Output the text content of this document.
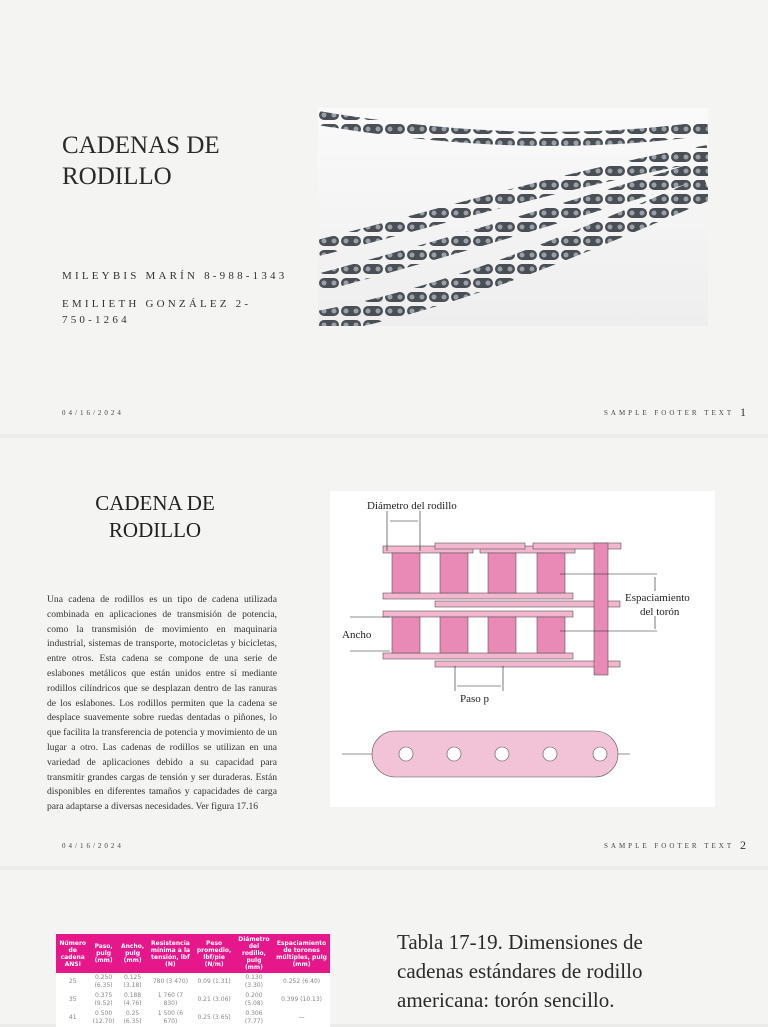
CADENAS DE RODILLO
MILEYBIS MARÍN 8-988-1343
EMILIETH GONZÁLEZ 2-750-1264
04/16/2024	SAMPLE FOOTER TEXT 1
CADENA DE RODILLO
Una cadena de rodillos es un tipo de cadena utilizada combinada en aplicaciones de transmisión de potencia, como la transmisión de movimiento en maquinaria industrial, sistemas de transporte, motocicletas y bicicletas, entre otros. Esta cadena se compone de una serie de eslabones metálicos que están unidos entre sí mediante rodillos cilíndricos que se desplazan dentro de las ranuras de los eslabones. Los rodillos permiten que la cadena se desplace suavemente sobre ruedas dentadas o piñones, lo que facilita la transferencia de potencia y movimiento de un lugar a otro. Las cadenas de rodillos se utilizan en una variedad de aplicaciones debido a su capacidad para transmitir grandes cargas de tensión y ser duraderas. Están disponibles en diferentes tamaños y capacidades de carga para adaptarse a diversas necesidades. Ver figura 17.16
Diámetro del rodillo
Espaciamiento
del torón
Ancho
Paso p
04/16/2024	SAMPLE FOOTER TEXT 2
Número de cadena ANSI	Paso, pulg (mm)	Ancho, pulg (mm)	Resistencia mínima a la tensión, lbf (N)	Peso promedio, lbf/pie (N/m)	Diámetro del rodillo, pulg (mm)	Espaciamiento de torones múltiples, pulg (mm)
25	0.250 (6.35)	0.125 (3.18)	780 (3 470)	0.09 (1.31)	0.130 (3.30)	0.252 (6.40)
35	0.375 (9.52)	0.188 (4.76)	1 760 (7 830)	0.21 (3.06)	0.200 (5.08)	0.399 (10.13)
41	0.500 (12.70)	0.25 (6.35)	1 500 (6 670)	0.25 (3.65)	0.306 (7.77)	—
Tabla 17-19. Dimensiones de cadenas estándares de rodillo americana: torón sencillo.
